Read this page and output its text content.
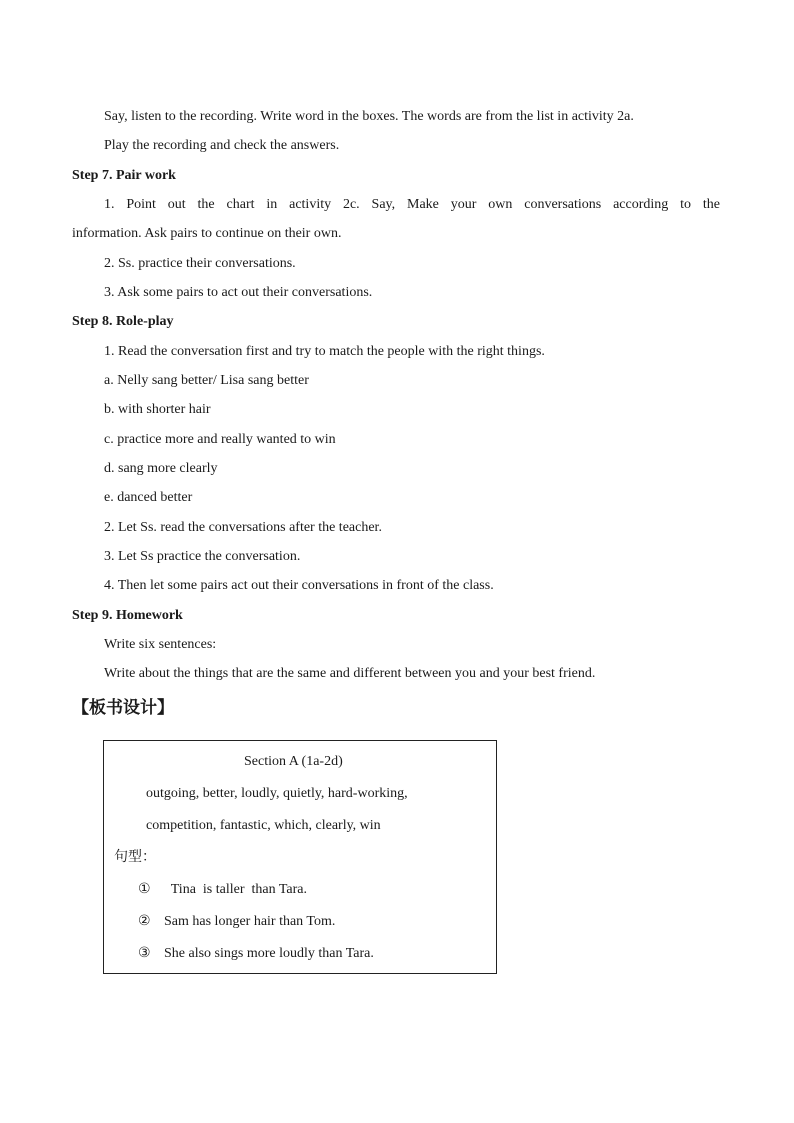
Say, listen to the recording. Write word in the boxes. The words are from the list in activity 2a.
Play the recording and check the answers.
Step 7. Pair work
1. Point out the chart in activity 2c. Say, Make your own conversations according to the
information. Ask pairs to continue on their own.
2. Ss. practice their conversations.
3. Ask some pairs to act out their conversations.
Step 8. Role-play
1. Read the conversation first and try to match the people with the right things.
a. Nelly sang better/ Lisa sang better
b. with shorter hair
c. practice more and really wanted to win
d. sang more clearly
e. danced better
2. Let Ss. read the conversations after the teacher.
3. Let Ss practice the conversation.
4. Then let some pairs act out their conversations in front of the class.
Step 9. Homework
Write six sentences:
Write about the things that are the same and different between you and your best friend.
【板书设计】
Section A (1a-2d)
outgoing, better, loudly, quietly, hard-working,
competition, fantastic, which, clearly, win
句型：
①  Tina  is taller  than Tara.
② Sam has longer hair than Tom.
③ She also sings more loudly than Tara.
